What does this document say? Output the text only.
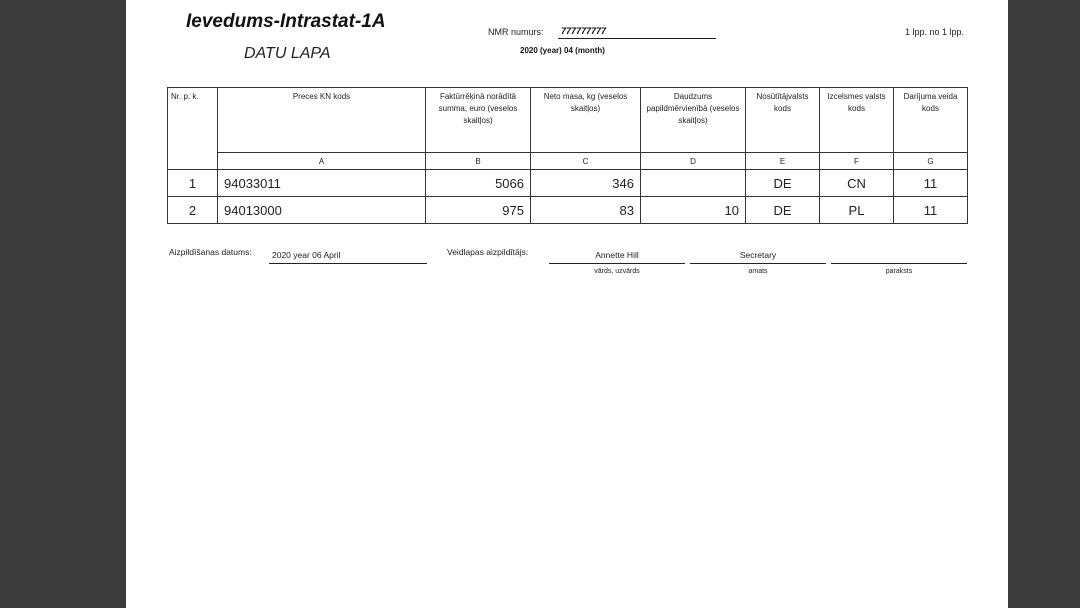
Ievedums-Intrastat-1A
DATU LAPA
NMR numurs:	777777777
2020 (year) 04 (month)
1 lpp. no 1 lpp.
Nr. p. k.	Preces KN kods	Faktūrrēķinā norādītā summa, euro (veselos skaitļos)	Neto masa, kg (veselos skaitļos)	Daudzums papildmērvienībā (veselos skaitļos)	Nosūtītājvalsts kods	Izcelsmes valsts kods	Darījuma veida kods
	A	B	C	D	E	F	G
1	94033011	5066	346		DE	CN	11
2	94013000	975	83	10	DE	PL	11
Aizpildīšanas datums:	2020 year 06 April	Veidlapas aizpildītājs:	Annette Hill	Secretary
vārds, uzvārds	amats	paraksts
